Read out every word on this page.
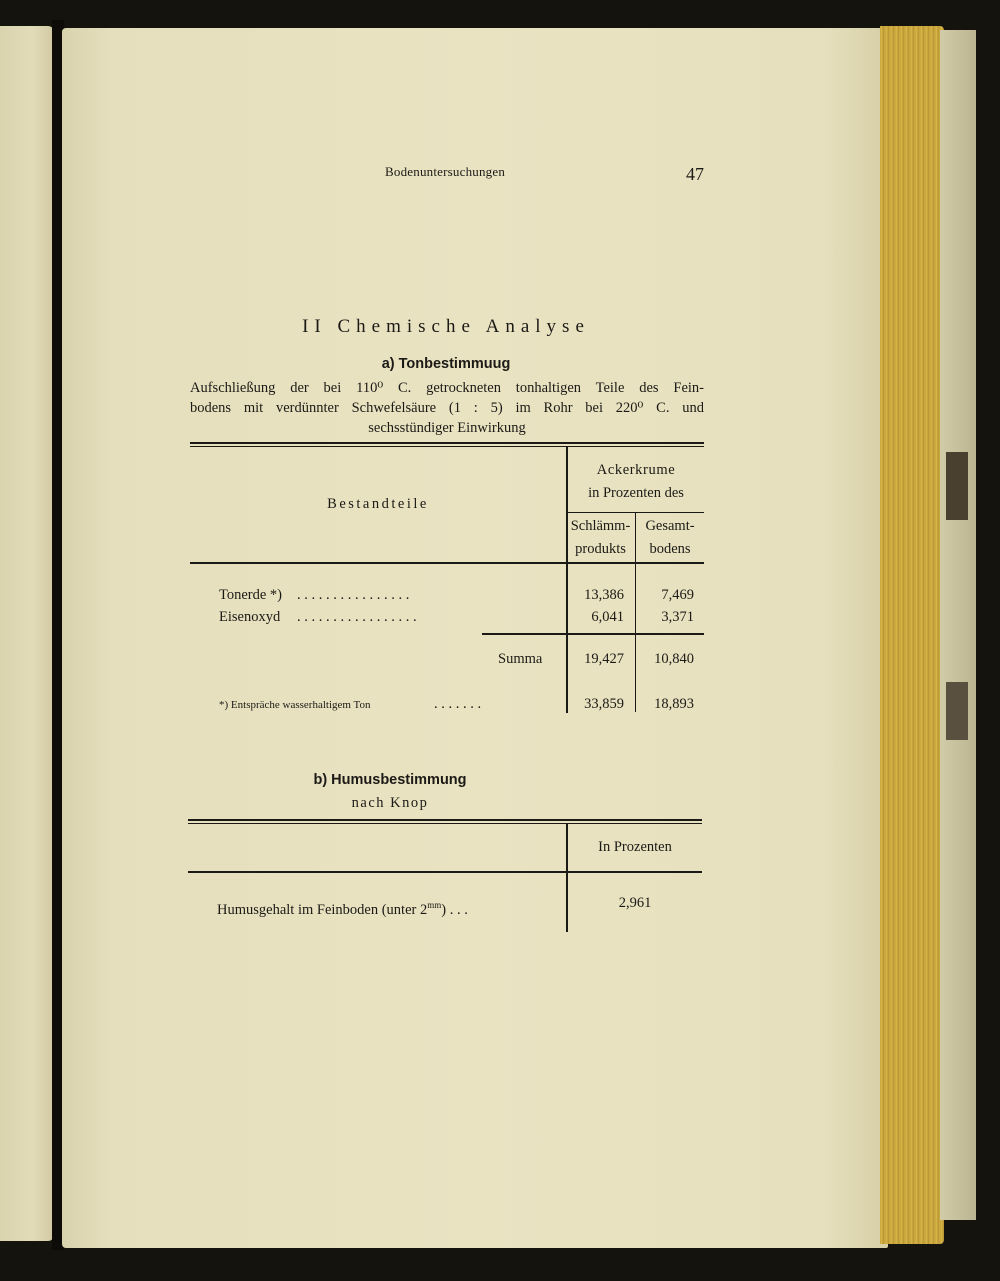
Bodenuntersuchungen	47
II Chemische Analyse
a) Tonbestimmuug
Aufschließung der bei 110⁰ C. getrockneten tonhaltigen Teile des Fein-
bodens mit verdünnter Schwefelsäure (1 : 5) im Rohr bei 220⁰ C. und
sechsstündiger Einwirkung
Bestandteile
Ackerkrume
in Prozenten des
Schlämm-
produkts
Gesamt-
bodens
Tonerde *) . . . . . . . . . . . . . . . .	13,386	7,469
Eisenoxyd . . . . . . . . . . . . . . . . .	6,041	3,371
Summa	19,427	10,840
*) Entspräche wasserhaltigem Ton	. . . . . . .	33,859	18,893
b) Humusbestimmung
nach Knop
In Prozenten
Humusgehalt im Feinboden (unter $2^{mm}$) . . .	2,961
